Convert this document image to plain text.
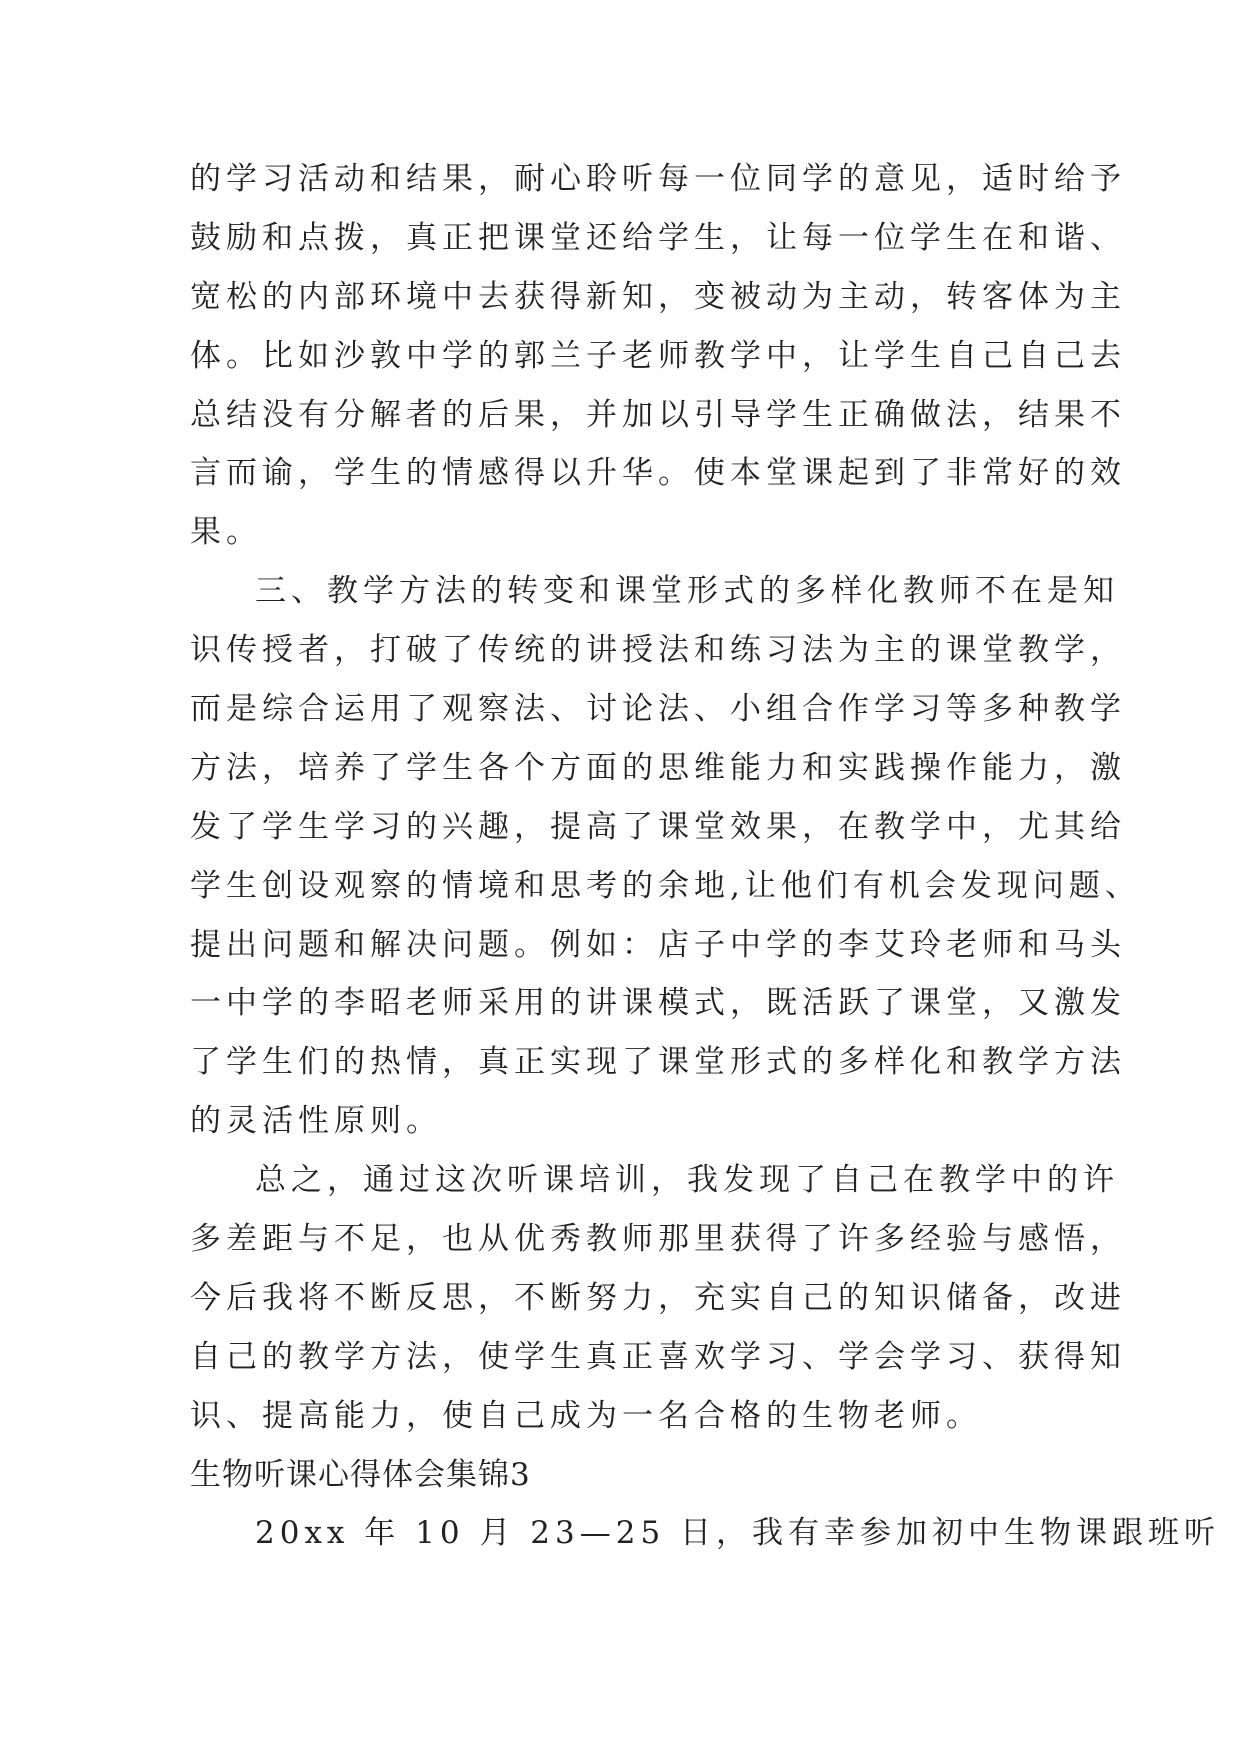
的学习活动和结果，耐心聆听每一位同学的意见，适时给予
鼓励和点拨，真正把课堂还给学生，让每一位学生在和谐、
宽松的内部环境中去获得新知，变被动为主动，转客体为主
体。比如沙敦中学的郭兰子老师教学中，让学生自己自己去
总结没有分解者的后果，并加以引导学生正确做法，结果不
言而谕，学生的情感得以升华。使本堂课起到了非常好的效
果。
三、教学方法的转变和课堂形式的多样化教师不在是知
识传授者，打破了传统的讲授法和练习法为主的课堂教学，
而是综合运用了观察法、讨论法、小组合作学习等多种教学
方法，培养了学生各个方面的思维能力和实践操作能力，激
发了学生学习的兴趣，提高了课堂效果，在教学中，尤其给
学生创设观察的情境和思考的余地,让他们有机会发现问题、
提出问题和解决问题。例如：店子中学的李艾玲老师和马头
一中学的李昭老师采用的讲课模式，既活跃了课堂，又激发
了学生们的热情，真正实现了课堂形式的多样化和教学方法
的灵活性原则。
总之，通过这次听课培训，我发现了自己在教学中的许
多差距与不足，也从优秀教师那里获得了许多经验与感悟，
今后我将不断反思，不断努力，充实自己的知识储备，改进
自己的教学方法，使学生真正喜欢学习、学会学习、获得知
识、提高能力，使自己成为一名合格的生物老师。
生物听课心得体会集锦3
20xx 年 10 月 23—25 日，我有幸参加初中生物课跟班听
